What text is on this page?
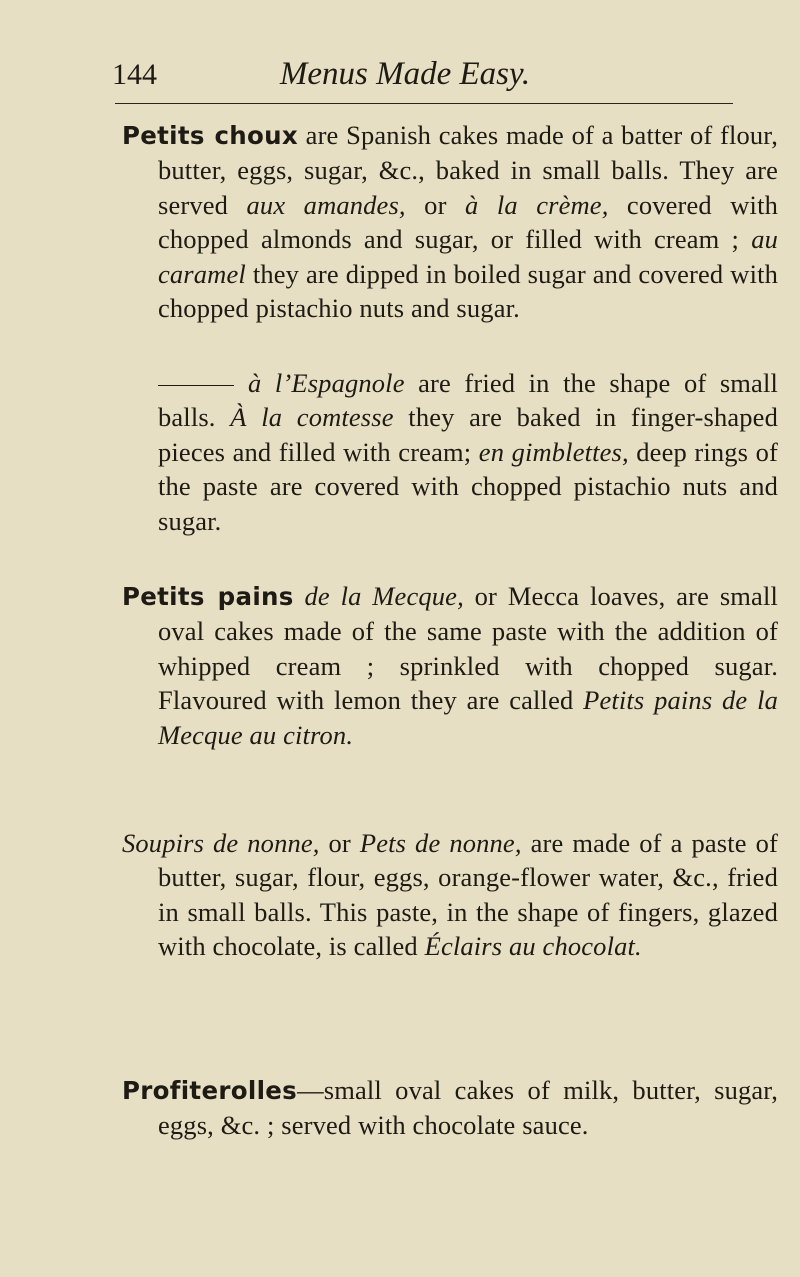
144	Menus Made Easy.

Petits choux are Spanish cakes made of a batter of flour, butter, eggs, sugar, &c., baked in small balls. They are served aux amandes, or à la crème, covered with chopped almonds and sugar, or filled with cream ; au caramel they are dipped in boiled sugar and covered with chopped pistachio nuts and sugar.

à l’Espagnole are fried in the shape of small balls. À la comtesse they are baked in finger-shaped pieces and filled with cream; en gimblettes, deep rings of the paste are covered with chopped pistachio nuts and sugar.

Petits pains de la Mecque, or Mecca loaves, are small oval cakes made of the same paste with the addition of whipped cream ; sprinkled with chopped sugar. Flavoured with lemon they are called Petits pains de la Mecque au citron.

Soupirs de nonne, or Pets de nonne, are made of a paste of butter, sugar, flour, eggs, orange-flower water, &c., fried in small balls. This paste, in the shape of fingers, glazed with chocolate, is called Éclairs au chocolat.

Profiterolles—small oval cakes of milk, butter, sugar, eggs, &c. ; served with chocolate sauce.
